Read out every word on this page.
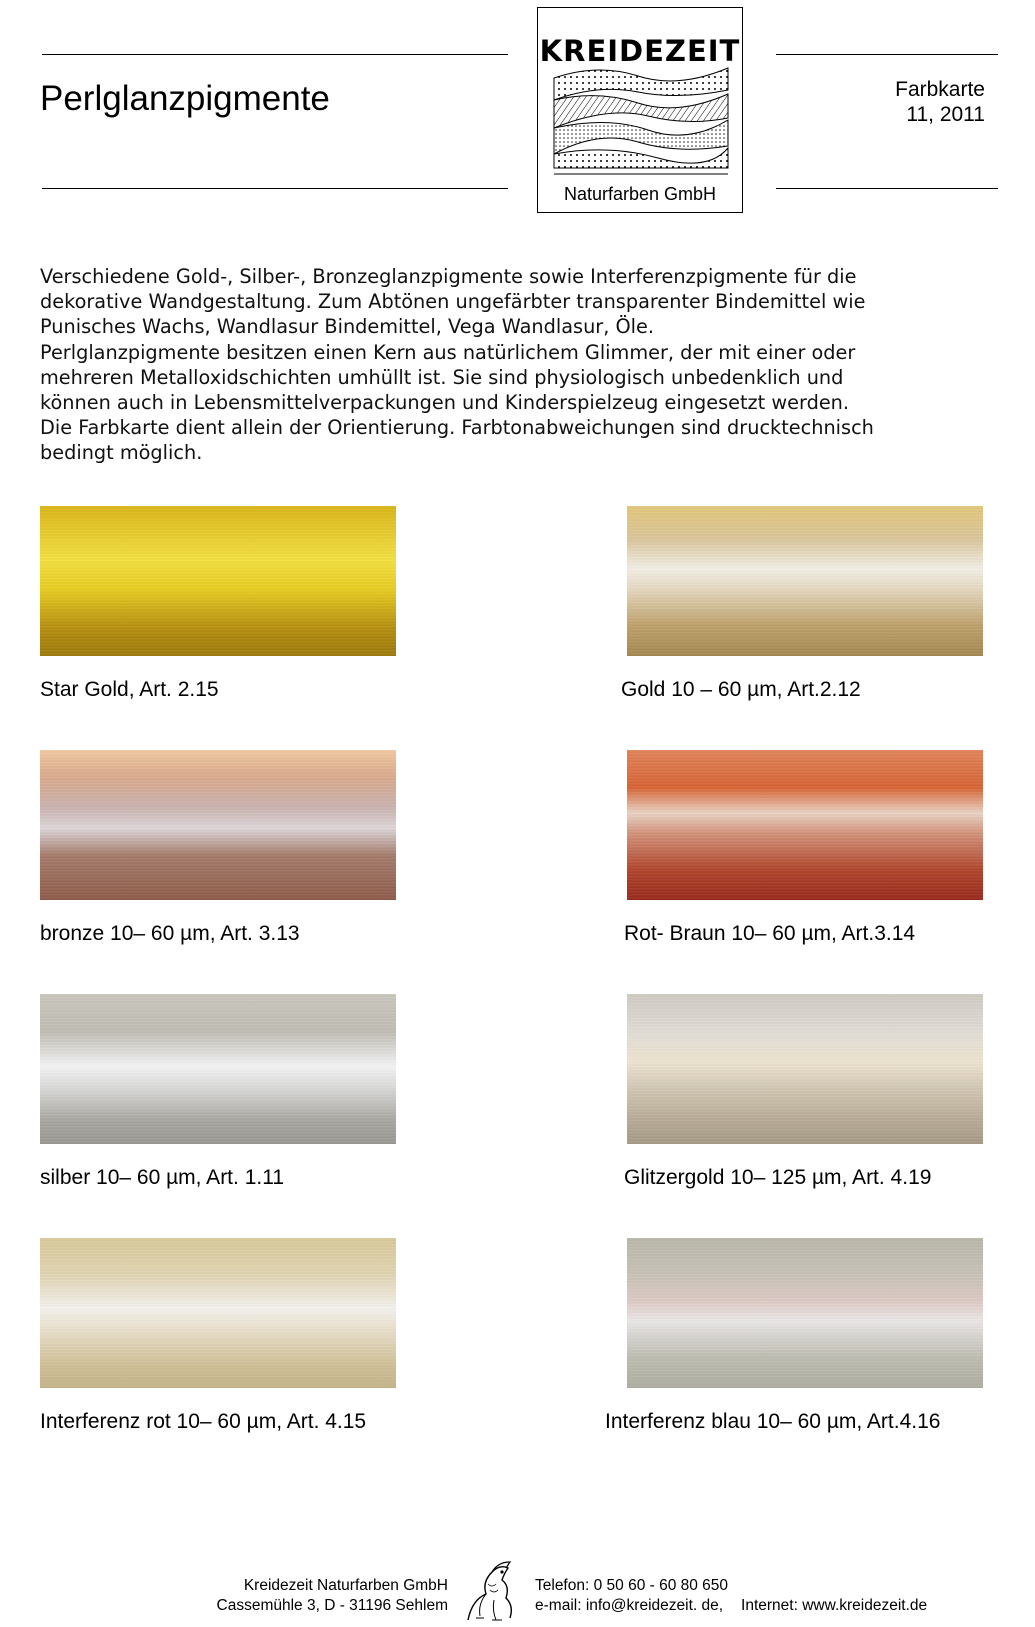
Perlglanzpigmente	Farbkarte
11, 2011
KREIDEZEIT
Naturfarben GmbH
Verschiedene Gold-, Silber-, Bronzeglanzpigmente sowie Interferenzpigmente für die
dekorative Wandgestaltung. Zum Abtönen ungefärbter transparenter Bindemittel wie
Punisches Wachs, Wandlasur Bindemittel, Vega Wandlasur, Öle.
Perlglanzpigmente besitzen einen Kern aus natürlichem Glimmer, der mit einer oder
mehreren Metalloxidschichten umhüllt ist. Sie sind physiologisch unbedenklich und
können auch in Lebensmittelverpackungen und Kinderspielzeug eingesetzt werden.
Die Farbkarte dient allein der Orientierung. Farbtonabweichungen sind drucktechnisch
bedingt möglich.
Star Gold, Art. 2.15	Gold 10 – 60 µm, Art.2.12
bronze 10– 60 µm, Art. 3.13	Rot- Braun 10– 60 µm, Art.3.14
silber 10– 60 µm, Art. 1.11	Glitzergold 10– 125 µm, Art. 4.19
Interferenz rot 10– 60 µm, Art. 4.15	Interferenz blau 10– 60 µm, Art.4.16
Kreidezeit Naturfarben GmbH
Cassemühle 3, D - 31196 Sehlem
Telefon: 0 50 60 - 60 80 650
e-mail: info@kreidezeit. de, Internet: www.kreidezeit.de
